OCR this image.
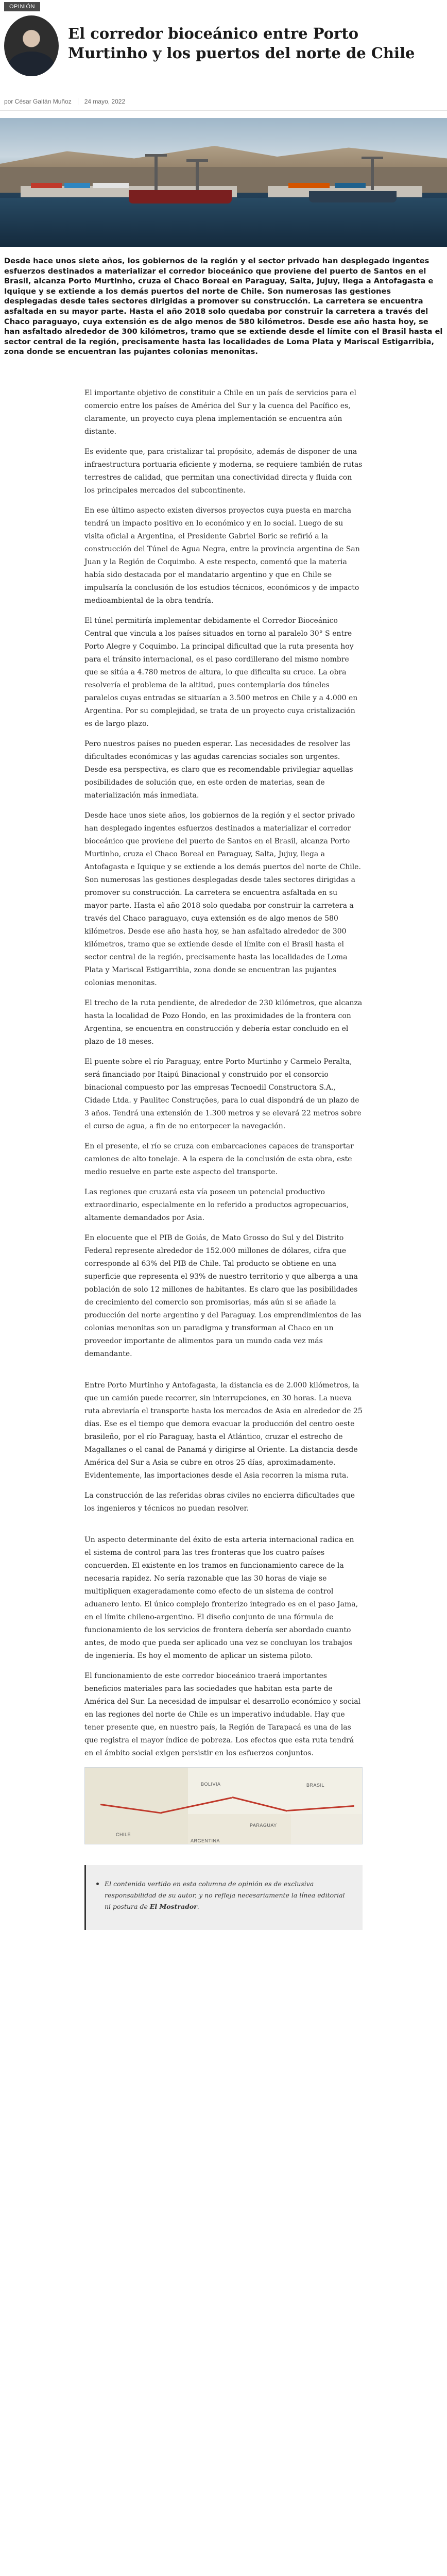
OPINIÓN
El corredor bioceánico entre Porto Murtinho y los puertos del norte de Chile
por César Gaitán Muñoz 24 mayo, 2022

Desde hace unos siete años, los gobiernos de la región y el sector privado han desplegado ingentes esfuerzos destinados a materializar el corredor bioceánico que proviene del puerto de Santos en el Brasil, alcanza Porto Murtinho, cruza el Chaco Boreal en Paraguay, Salta, Jujuy, llega a Antofagasta e Iquique y se extiende a los demás puertos del norte de Chile. Son numerosas las gestiones desplegadas desde tales sectores dirigidas a promover su construcción. La carretera se encuentra asfaltada en su mayor parte. Hasta el año 2018 solo quedaba por construir la carretera a través del Chaco paraguayo, cuya extensión es de algo menos de 580 kilómetros. Desde ese año hasta hoy, se han asfaltado alrededor de 300 kilómetros, tramo que se extiende desde el límite con el Brasil hasta el sector central de la región, precisamente hasta las localidades de Loma Plata y Mariscal Estigarribia, zona donde se encuentran las pujantes colonias menonitas.

El importante objetivo de constituir a Chile en un país de servicios para el comercio entre los países de América del Sur y la cuenca del Pacífico es, claramente, un proyecto cuya plena implementación se encuentra aún distante.

Es evidente que, para cristalizar tal propósito, además de disponer de una infraestructura portuaria eficiente y moderna, se requiere también de rutas terrestres de calidad, que permitan una conectividad directa y fluida con los principales mercados del subcontinente.

En ese último aspecto existen diversos proyectos cuya puesta en marcha tendrá un impacto positivo en lo económico y en lo social. Luego de su visita oficial a Argentina, el Presidente Gabriel Boric se refirió a la construcción del Túnel de Agua Negra, entre la provincia argentina de San Juan y la Región de Coquimbo. A este respecto, comentó que la materia había sido destacada por el mandatario argentino y que en Chile se impulsaría la conclusión de los estudios técnicos, económicos y de impacto medioambiental de la obra tendría.

El túnel permitiría implementar debidamente el Corredor Bioceánico Central que vincula a los países situados en torno al paralelo 30° S entre Porto Alegre y Coquimbo. La principal dificultad que la ruta presenta hoy para el tránsito internacional, es el paso cordillerano del mismo nombre que se sitúa a 4.780 metros de altura, lo que dificulta su cruce. La obra resolvería el problema de la altitud, pues contemplaría dos túneles paralelos cuyas entradas se situarían a 3.500 metros en Chile y a 4.000 en Argentina. Por su complejidad, se trata de un proyecto cuya cristalización es de largo plazo.

Pero nuestros países no pueden esperar. Las necesidades de resolver las dificultades económicas y las agudas carencias sociales son urgentes. Desde esa perspectiva, es claro que es recomendable privilegiar aquellas posibilidades de solución que, en este orden de materias, sean de materialización más inmediata.

Desde hace unos siete años, los gobiernos de la región y el sector privado han desplegado ingentes esfuerzos destinados a materializar el corredor bioceánico que proviene del puerto de Santos en el Brasil, alcanza Porto Murtinho, cruza el Chaco Boreal en Paraguay, Salta, Jujuy, llega a Antofagasta e Iquique y se extiende a los demás puertos del norte de Chile. Son numerosas las gestiones desplegadas desde tales sectores dirigidas a promover su construcción. La carretera se encuentra asfaltada en su mayor parte. Hasta el año 2018 solo quedaba por construir la carretera a través del Chaco paraguayo, cuya extensión es de algo menos de 580 kilómetros. Desde ese año hasta hoy, se han asfaltado alrededor de 300 kilómetros, tramo que se extiende desde el límite con el Brasil hasta el sector central de la región, precisamente hasta las localidades de Loma Plata y Mariscal Estigarribia, zona donde se encuentran las pujantes colonias menonitas.

El trecho de la ruta pendiente, de alrededor de 230 kilómetros, que alcanza hasta la localidad de Pozo Hondo, en las proximidades de la frontera con Argentina, se encuentra en construcción y debería estar concluido en el plazo de 18 meses.

El puente sobre el río Paraguay, entre Porto Murtinho y Carmelo Peralta, será financiado por Itaipú Binacional y construido por el consorcio binacional compuesto por las empresas Tecnoedil Constructora S.A., Cidade Ltda. y Paulitec Construções, para lo cual dispondrá de un plazo de 3 años. Tendrá una extensión de 1.300 metros y se elevará 22 metros sobre el curso de agua, a fin de no entorpecer la navegación.

En el presente, el río se cruza con embarcaciones capaces de transportar camiones de alto tonelaje. A la espera de la conclusión de esta obra, este medio resuelve en parte este aspecto del transporte.

Las regiones que cruzará esta vía poseen un potencial productivo extraordinario, especialmente en lo referido a productos agropecuarios, altamente demandados por Asia.

En elocuente que el PIB de Goiás, de Mato Grosso do Sul y del Distrito Federal represente alrededor de 152.000 millones de dólares, cifra que corresponde al 63% del PIB de Chile. Tal producto se obtiene en una superficie que representa el 93% de nuestro territorio y que alberga a una población de solo 12 millones de habitantes. Es claro que las posibilidades de crecimiento del comercio son promisorias, más aún si se añade la producción del norte argentino y del Paraguay. Los emprendimientos de las colonias menonitas son un paradigma y transforman al Chaco en un proveedor importante de alimentos para un mundo cada vez más demandante.

Entre Porto Murtinho y Antofagasta, la distancia es de 2.000 kilómetros, la que un camión puede recorrer, sin interrupciones, en 30 horas. La nueva ruta abreviaría el transporte hasta los mercados de Asia en alrededor de 25 días. Ese es el tiempo que demora evacuar la producción del centro oeste brasileño, por el río Paraguay, hasta el Atlántico, cruzar el estrecho de Magallanes o el canal de Panamá y dirigirse al Oriente. La distancia desde América del Sur a Asia se cubre en otros 25 días, aproximadamente. Evidentemente, las importaciones desde el Asia recorren la misma ruta.

La construcción de las referidas obras civiles no encierra dificultades que los ingenieros y técnicos no puedan resolver.

Un aspecto determinante del éxito de esta arteria internacional radica en el sistema de control para las tres fronteras que los cuatro países concuerden. El existente en los tramos en funcionamiento carece de la necesaria rapidez. No sería razonable que las 30 horas de viaje se multipliquen exageradamente como efecto de un sistema de control aduanero lento. El único complejo fronterizo integrado es en el paso Jama, en el límite chileno-argentino. El diseño conjunto de una fórmula de funcionamiento de los servicios de frontera debería ser abordado cuanto antes, de modo que pueda ser aplicado una vez se concluyan los trabajos de ingeniería. Es hoy el momento de aplicar un sistema piloto.

El funcionamiento de este corredor bioceánico traerá importantes beneficios materiales para las sociedades que habitan esta parte de América del Sur. La necesidad de impulsar el desarrollo económico y social en las regiones del norte de Chile es un imperativo indudable. Hay que tener presente que, en nuestro país, la Región de Tarapacá es una de las que registra el mayor índice de pobreza. Los efectos que esta ruta tendrá en el ámbito social exigen persistir en los esfuerzos conjuntos.

BOLIVIA	BRASIL
PARAGUAY
CHILE
ARGENTINA
El contenido vertido en esta columna de opinión es de exclusiva responsabilidad de su autor, y no refleja necesariamente la línea editorial ni postura de El Mostrador.
